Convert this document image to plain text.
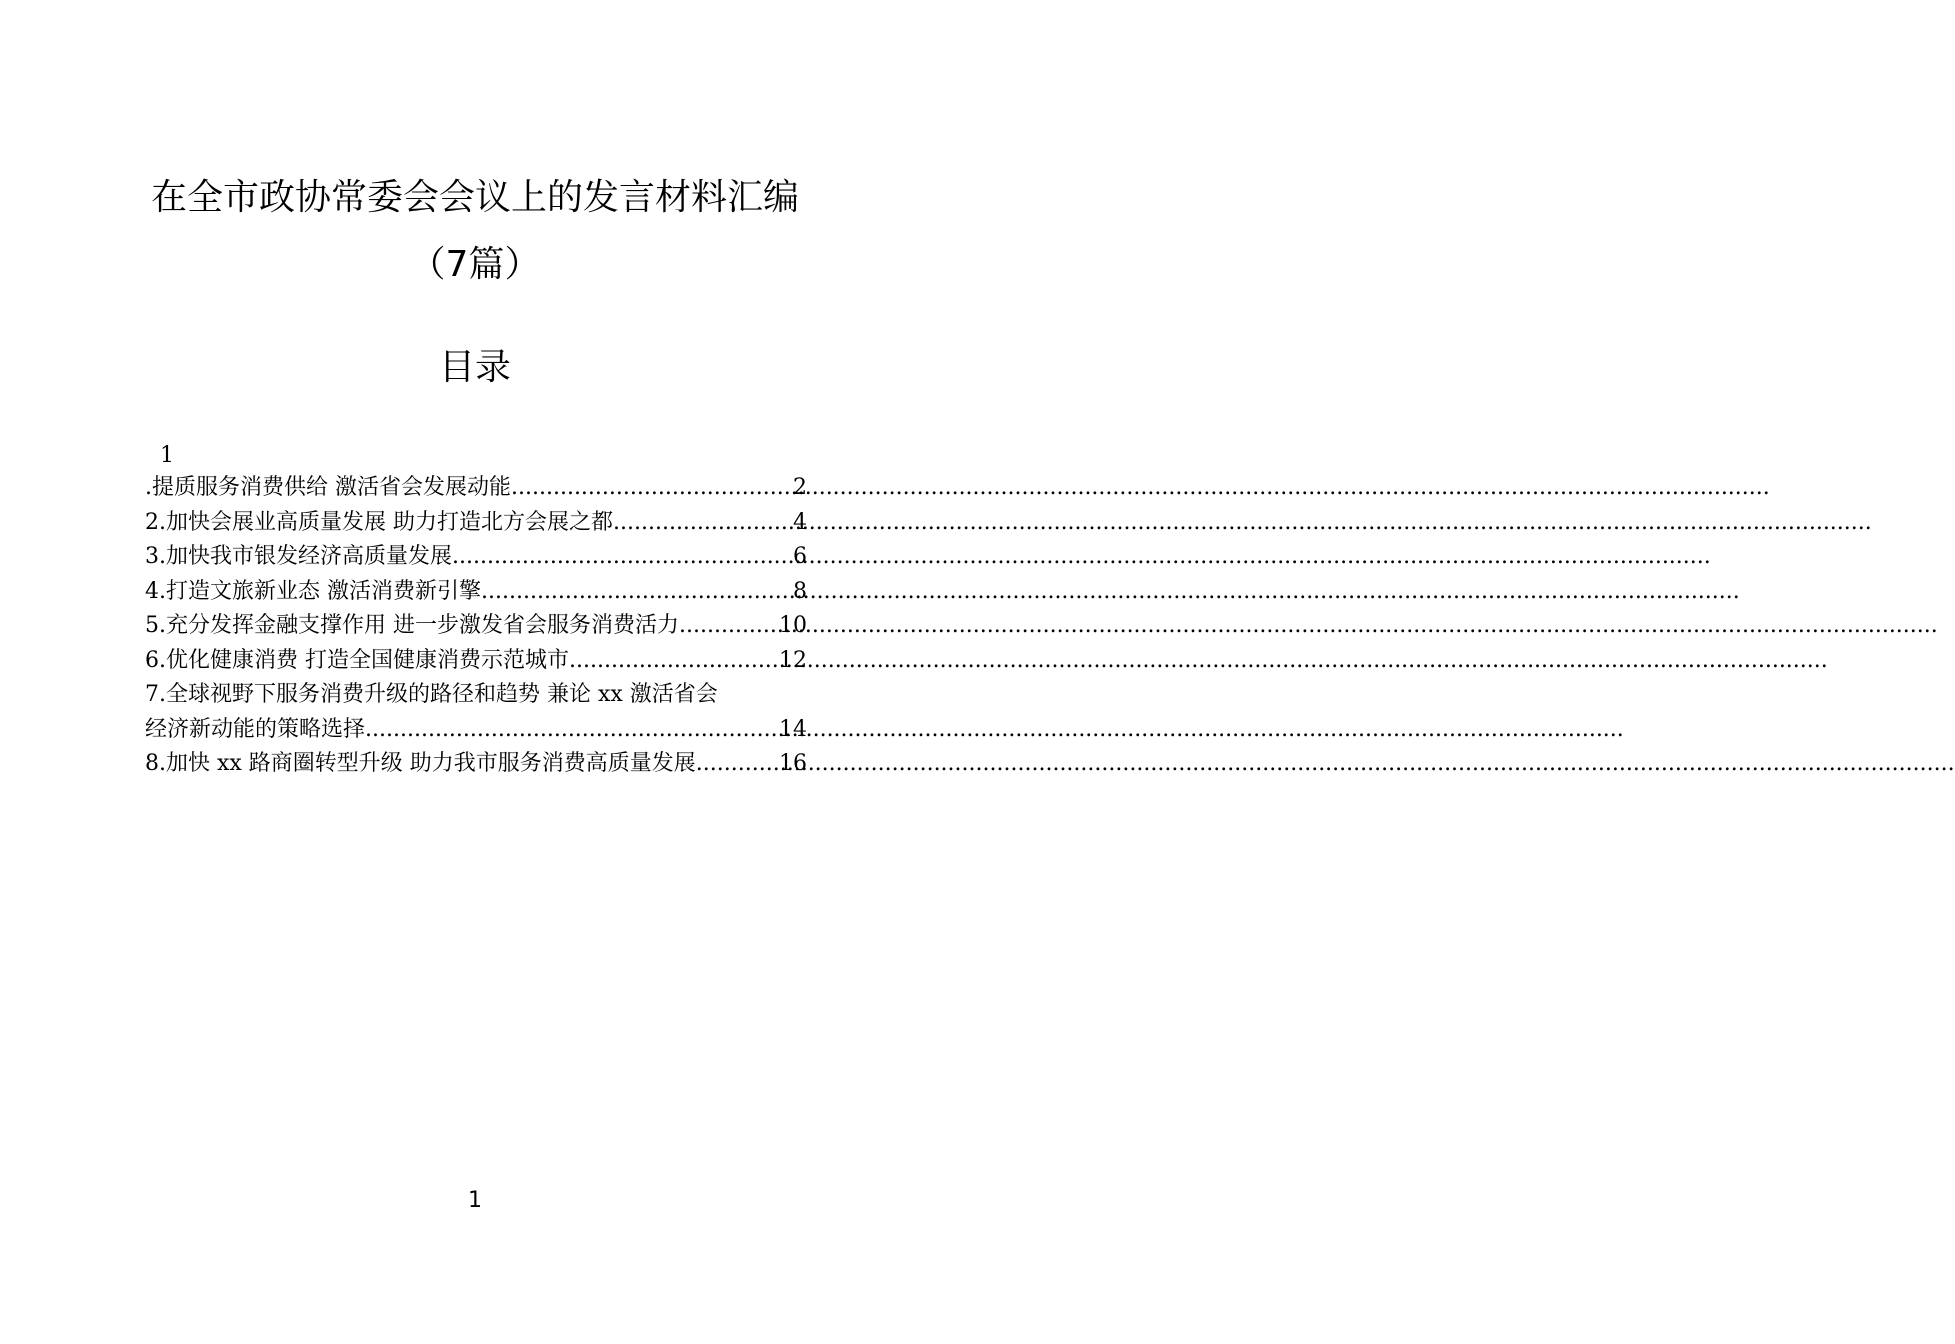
在全市政协常委会会议上的发言材料汇编
（7篇）
目录
1
.提质服务消费供给 激活省会发展动能 .....	2
2.加快会展业高质量发展 助力打造北方会展之都 .....	4
3.加快我市银发经济高质量发展 .....	6
4.打造文旅新业态 激活消费新引擎 .....	8
5.充分发挥金融支撑作用 进一步激发省会服务消费活力 .....	10
6.优化健康消费 打造全国健康消费示范城市 .....	12
7.全球视野下服务消费升级的路径和趋势 兼论 xx 激活省会
经济新动能的策略选择 .....	14
8.加快 xx 路商圈转型升级 助力我市服务消费高质量发展 .....	16
1
